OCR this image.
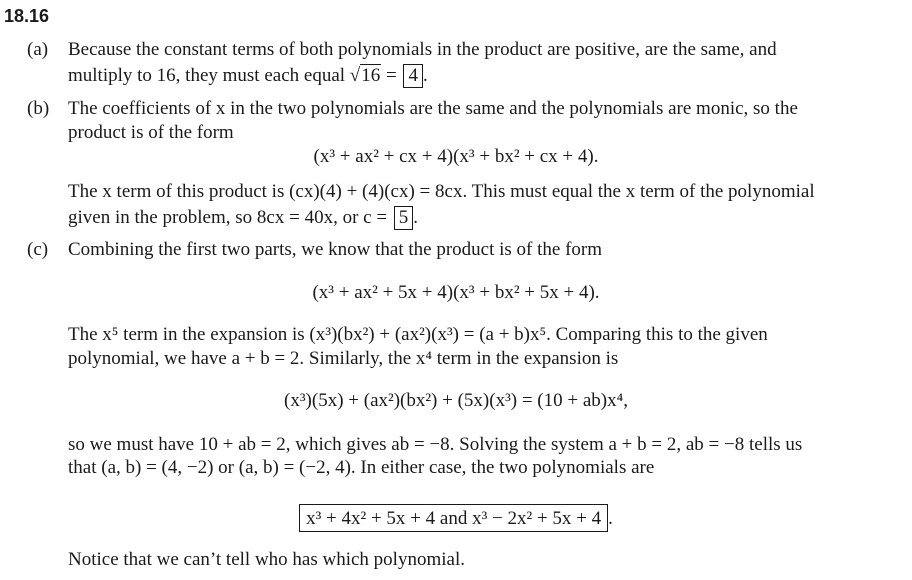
18.16
(a) Because the constant terms of both polynomials in the product are positive, are the same, and
multiply to 16, they must each equal √16 = 4 .
(b) The coefficients of x in the two polynomials are the same and the polynomials are monic, so the
product is of the form
(x³ + ax² + cx + 4)(x³ + bx² + cx + 4).
The x term of this product is (cx)(4) + (4)(cx) = 8cx. This must equal the x term of the polynomial
given in the problem, so 8cx = 40x, or c = 5 .
(c) Combining the first two parts, we know that the product is of the form
(x³ + ax² + 5x + 4)(x³ + bx² + 5x + 4).
The x⁵ term in the expansion is (x³)(bx²) + (ax²)(x³) = (a + b)x⁵. Comparing this to the given
polynomial, we have a + b = 2. Similarly, the x⁴ term in the expansion is
(x³)(5x) + (ax²)(bx²) + (5x)(x³) = (10 + ab)x⁴,
so we must have 10 + ab = 2, which gives ab = −8. Solving the system a + b = 2, ab = −8 tells us
that (a, b) = (4, −2) or (a, b) = (−2, 4). In either case, the two polynomials are
x³ + 4x² + 5x + 4 and x³ − 2x² + 5x + 4 .
Notice that we can’t tell who has which polynomial.
